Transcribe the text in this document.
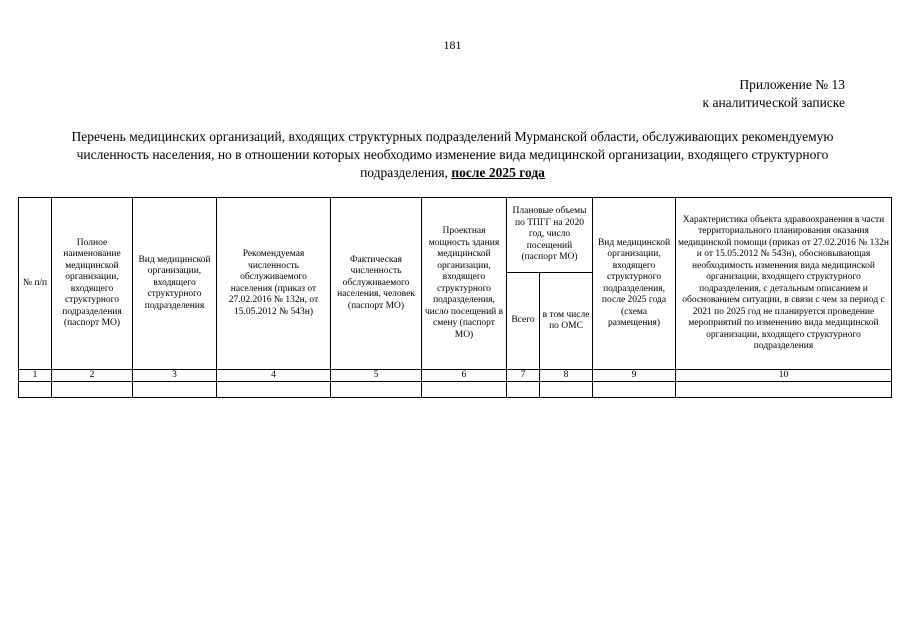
181
Приложение № 13
к аналитической записке
Перечень медицинских организаций, входящих структурных подразделений Мурманской области, обслуживающих рекомендуемую численность населения, но в отношении которых необходимо изменение вида медицинской организации, входящего структурного подразделения, после 2025 года
№ п/п	Полное наименование медицинской организации, входящего структурного подразделения (паспорт МО)	Вид медицинской организации, входящего структурного подразделения	Рекомендуемая численность обслуживаемого населения (приказ от 27.02.2016 № 132н, от 15.05.2012 № 543н)	Фактическая численность обслуживаемого населения, человек (паспорт МО)	Проектная мощность здания медицинской организации, входящего структурного подразделения, число посещений в смену (паспорт МО)	Плановые объемы по ТПГГ на 2020 год, число посещений (паспорт МО)		Вид медицинской организации, входящего структурного подразделения, после 2025 года (схема размещения)	Характеристика объекта здравоохранения в части территориального планирования оказания медицинской помощи (приказ от 27.02.2016 № 132н и от 15.05.2012 № 543н), обосновывающая необходимость изменения вида медицинской организации, входящего структурного подразделения, с детальным описанием и обоснованием ситуации, в связи с чем за период с 2021 по 2025 год не планируется проведение мероприятий по изменению вида медицинской организации, входящего структурного подразделения
						Всего	в том числе по ОМС		
1	2	3	4	5	6	7	8	9	10
